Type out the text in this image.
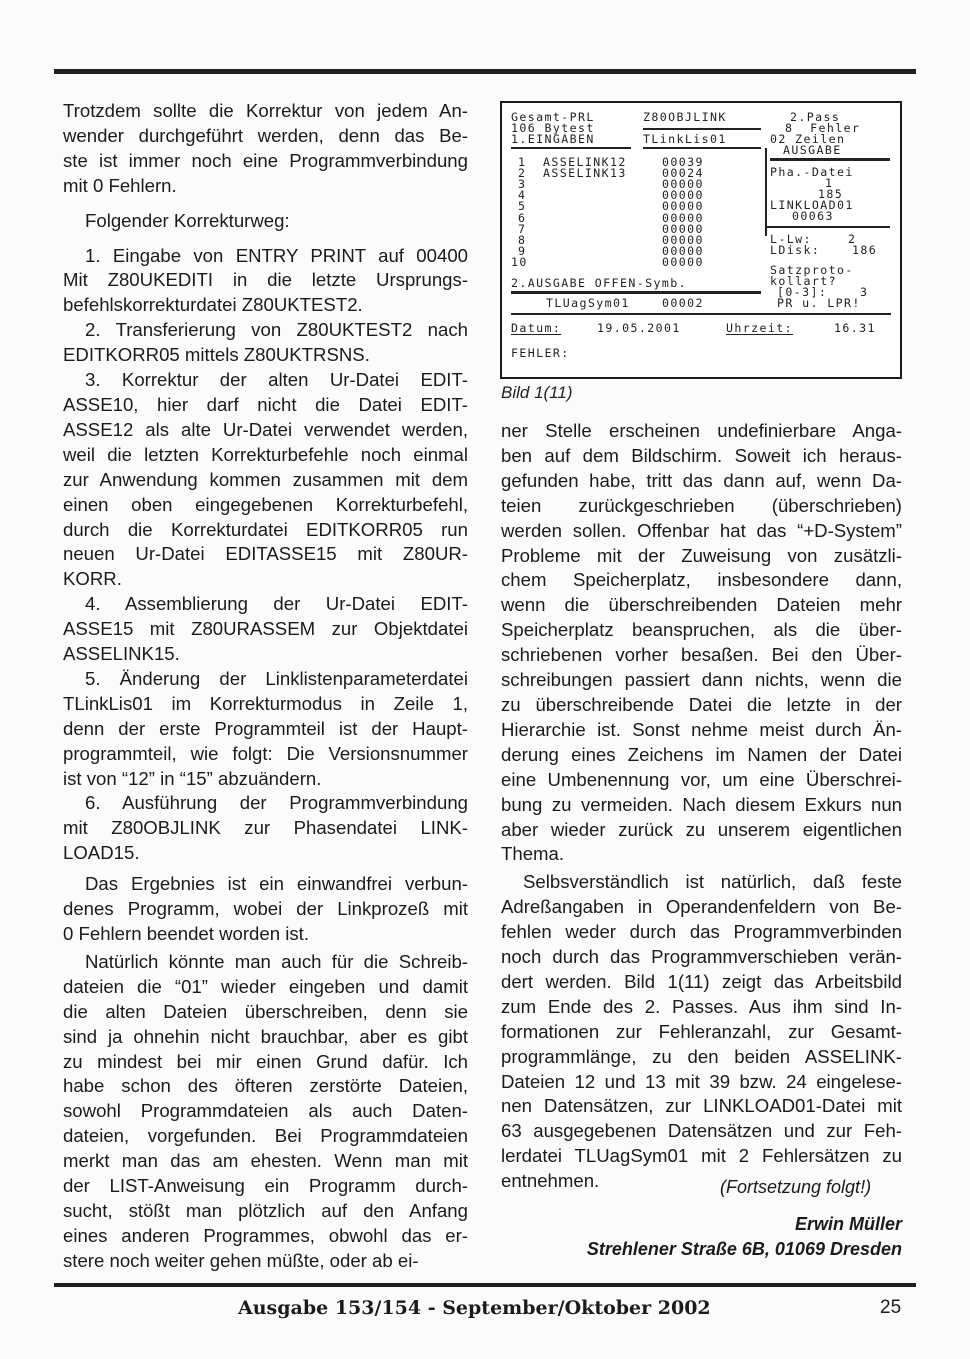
Trotzdem sollte die Korrektur von jedem An-
wender durchgeführt werden, denn das Be-
ste ist immer noch eine Programmverbindung
mit 0 Fehlern.
Folgender Korrekturweg:
1. Eingabe von ENTRY PRINT auf 00400
Mit Z80UKEDITI in die letzte Ursprungs-
befehlskorrekturdatei Z80UKTEST2.
2. Transferierung von Z80UKTEST2 nach
EDITKORR05 mittels Z80UKTRSNS.
3. Korrektur der alten Ur-Datei EDIT-
ASSE10, hier darf nicht die Datei EDIT-
ASSE12 als alte Ur-Datei verwendet werden,
weil die letzten Korrekturbefehle noch einmal
zur Anwendung kommen zusammen mit dem
einen oben eingegebenen Korrekturbefehl,
durch die Korrekturdatei EDITKORR05 run
neuen Ur-Datei EDITASSE15 mit Z80UR-
KORR.
4. Assemblierung der Ur-Datei EDIT-
ASSE15 mit Z80URASSEM zur Objektdatei
ASSELINK15.
5. Änderung der Linklistenparameterdatei
TLinkLis01 im Korrekturmodus in Zeile 1,
denn der erste Programmteil ist der Haupt-
programmteil, wie folgt: Die Versionsnummer
ist von “12” in “15” abzuändern.
6. Ausführung der Programmverbindung
mit Z80OBJLINK zur Phasendatei LINK-
LOAD15.
Das Ergebnies ist ein einwandfrei verbun-
denes Programm, wobei der Linkprozeß mit
0 Fehlern beendet worden ist.
Natürlich könnte man auch für die Schreib-
dateien die “01” wieder eingeben und damit
die alten Dateien überschreiben, denn sie
sind ja ohnehin nicht brauchbar, aber es gibt
zu mindest bei mir einen Grund dafür. Ich
habe schon des öfteren zerstörte Dateien,
sowohl Programmdateien als auch Daten-
dateien, vorgefunden. Bei Programmdateien
merkt man das am ehesten. Wenn man mit
der LIST-Anweisung ein Programm durch-
sucht, stößt man plötzlich auf den Anfang
eines anderen Programmes, obwohl das er-
stere noch weiter gehen müßte, oder ab ei-
Gesamt-PRL
106 Bytest
1.EINGABEN
Z80OBJLINK
TLinkLis01
2.Pass
8  Fehler
02 Zeilen
AUSGABE
1 ASSELINK12	00039
2 ASSELINK13	00024
3	00000
4	00000
5	00000
6	00000
7	00000
8	00000
9	00000
10	00000
Pha.-Datei
1
185
LINKLOAD01
00063
L-Lw:	2
LDisk:	186
Satzproto-
kollart?
[0-3]:	3
PR u. LPR!
2.AUSGABE OFFEN-Symb.
TLUagSym01	00002
Datum:	19.05.2001	Uhrzeit:	16.31
FEHLER:
Bild 1(11)
ner Stelle erscheinen undefinierbare Anga-
ben auf dem Bildschirm. Soweit ich heraus-
gefunden habe, tritt das dann auf, wenn Da-
teien zurückgeschrieben (überschrieben)
werden sollen. Offenbar hat das “+D-System”
Probleme mit der Zuweisung von zusätzli-
chem Speicherplatz, insbesondere dann,
wenn die überschreibenden Dateien mehr
Speicherplatz beanspruchen, als die über-
schriebenen vorher besaßen. Bei den Über-
schreibungen passiert dann nichts, wenn die
zu überschreibende Datei die letzte in der
Hierarchie ist. Sonst nehme meist durch Än-
derung eines Zeichens im Namen der Datei
eine Umbenennung vor, um eine Überschrei-
bung zu vermeiden. Nach diesem Exkurs nun
aber wieder zurück zu unserem eigentlichen
Thema.
Selbsverständlich ist natürlich, daß feste
Adreßangaben in Operandenfeldern von Be-
fehlen weder durch das Programmverbinden
noch durch das Programmverschieben verän-
dert werden. Bild 1(11) zeigt das Arbeitsbild
zum Ende des 2. Passes. Aus ihm sind In-
formationen zur Fehleranzahl, zur Gesamt-
programmlänge, zu den beiden ASSELINK-
Dateien 12 und 13 mit 39 bzw. 24 eingelese-
nen Datensätzen, zur LINKLOAD01-Datei mit
63 ausgegebenen Datensätzen und zur Feh-
lerdatei TLUagSym01 mit 2 Fehlersätzen zu
entnehmen.	(Fortsetzung folgt!)
Erwin Müller
Strehlener Straße 6B, 01069 Dresden
Ausgabe 153/154 - September/Oktober 2002	25
